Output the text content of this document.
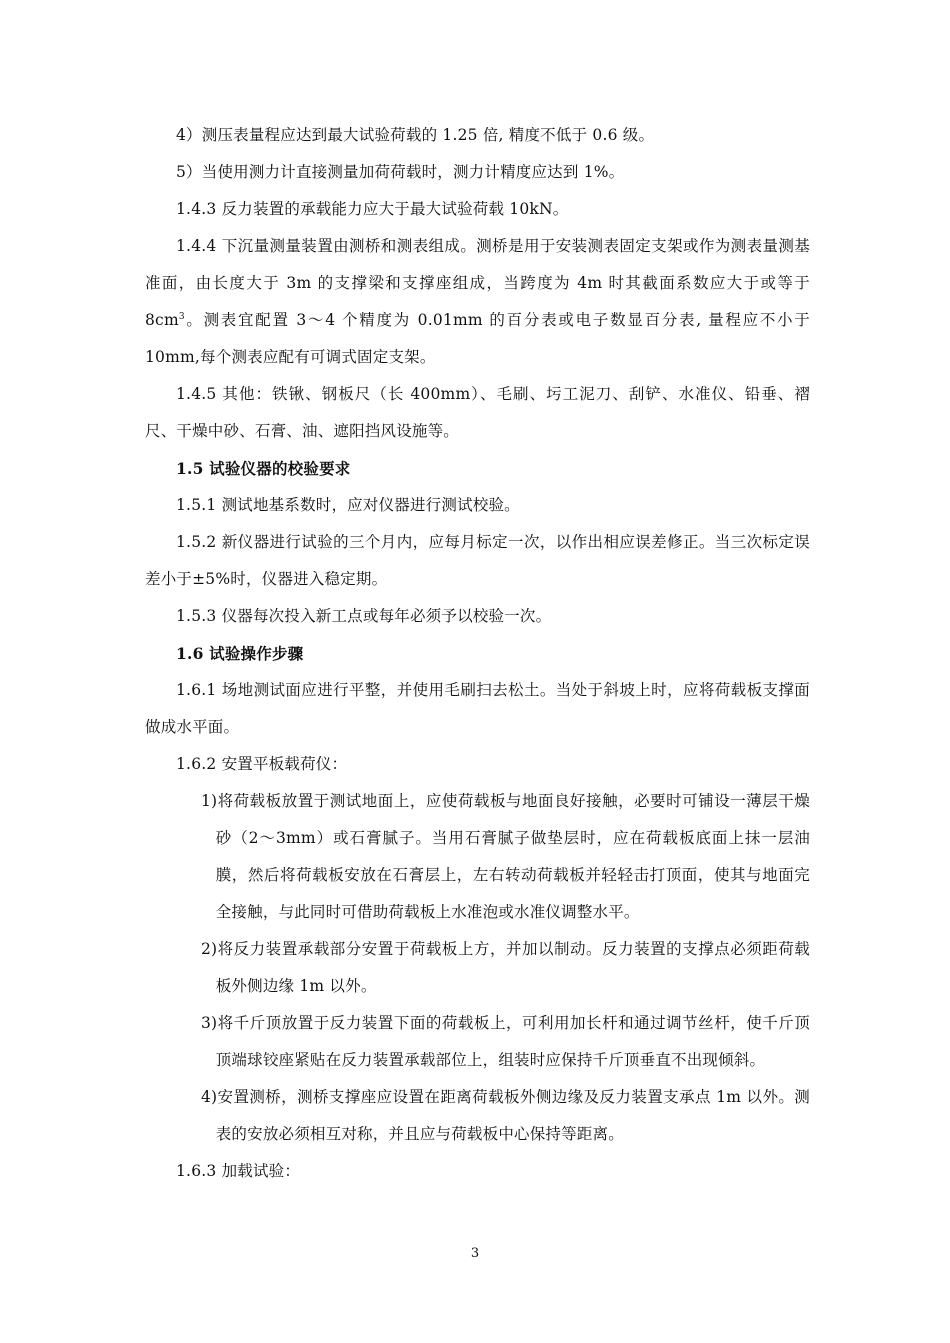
4）测压表量程应达到最大试验荷载的 1.25 倍, 精度不低于 0.6 级。

5）当使用测力计直接测量加荷荷载时，测力计精度应达到 1%。

1.4.3 反力装置的承载能力应大于最大试验荷载 10kN。

1.4.4 下沉量测量装置由测桥和测表组成。测桥是用于安装测表固定支架或作为测表量测基准面，由长度大于 3m 的支撑梁和支撑座组成，当跨度为 4m 时其截面系数应大于或等于 $8cm^3$。测表宜配置 3～4 个精度为 0.01mm 的百分表或电子数显百分表, 量程应不小于 10mm,每个测表应配有可调式固定支架。

1.4.5 其他：铁锹、钢板尺（长 400mm）、毛刷、圬工泥刀、刮铲、水准仪、铅垂、褶尺、干燥中砂、石膏、油、遮阳挡风设施等。

1.5 试验仪器的校验要求

1.5.1 测试地基系数时，应对仪器进行测试校验。

1.5.2 新仪器进行试验的三个月内，应每月标定一次，以作出相应误差修正。当三次标定误差小于±5%时，仪器进入稳定期。

1.5.3 仪器每次投入新工点或每年必须予以校验一次。

1.6 试验操作步骤

1.6.1 场地测试面应进行平整，并使用毛刷扫去松土。当处于斜坡上时，应将荷载板支撑面做成水平面。

1.6.2 安置平板载荷仪：

1)将荷载板放置于测试地面上，应使荷载板与地面良好接触，必要时可铺设一薄层干燥砂（2～3mm）或石膏腻子。当用石膏腻子做垫层时，应在荷载板底面上抹一层油膜，然后将荷载板安放在石膏层上，左右转动荷载板并轻轻击打顶面，使其与地面完全接触，与此同时可借助荷载板上水准泡或水准仪调整水平。

2)将反力装置承载部分安置于荷载板上方，并加以制动。反力装置的支撑点必须距荷载板外侧边缘 1m 以外。

3)将千斤顶放置于反力装置下面的荷载板上，可利用加长杆和通过调节丝杆，使千斤顶顶端球铰座紧贴在反力装置承载部位上，组装时应保持千斤顶垂直不出现倾斜。

4)安置测桥，测桥支撑座应设置在距离荷载板外侧边缘及反力装置支承点 1m 以外。测表的安放必须相互对称，并且应与荷载板中心保持等距离。

1.6.3 加载试验：

3
